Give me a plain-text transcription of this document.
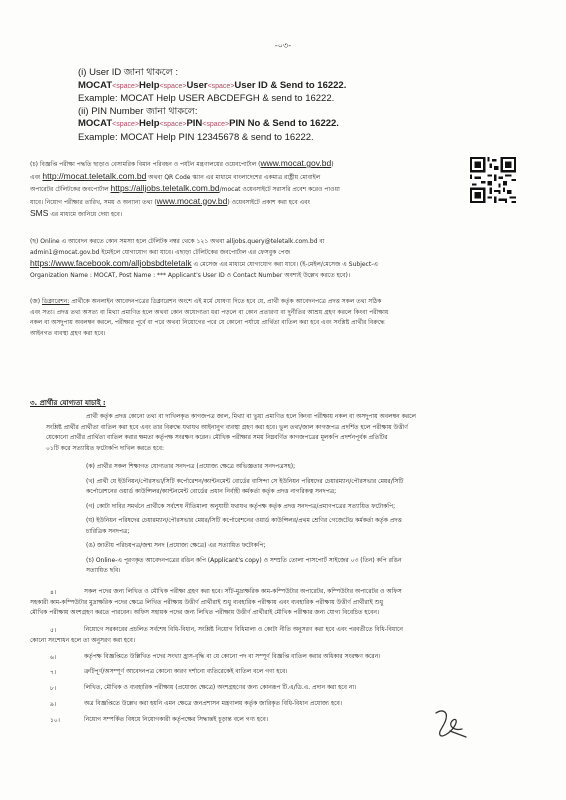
-০৩-
(i) User ID জানা থাকলে :
MOCAT<space>Help<space>User<space>User ID & Send to 16222.
Example: MOCAT Help USER ABCDEFGH & send to 16222.
(ii) PIN Number জানা থাকলে:
MOCAT<space>Help<space>PIN<space>PIN No & Send to 16222.
Example: MOCAT Help PIN 12345678 & send to 16222.
(চ) বিজ্ঞপ্তি পরীক্ষা পদ্ধতি ছাড়াও বেসামরিক বিমান পরিবহন ও পর্যটন মন্ত্রণালয়ের ওয়েবপোর্টাল (www.mocat.gov.bd)
এবং http://mocat.teletalk.com.bd অথবা QR Code স্ক্যান এর মাধ্যমে বাংলাদেশের একমাত্র রাষ্ট্রীয় মোবাইল
অপারেটর টেলিটকের জবপোর্টাল https://alljobs.teletalk.com.bd/mocat ওয়েবসাইটে সরাসরি প্রবেশ করেও পাওয়া
যাবে। নিয়োগ পরীক্ষার তারিখ, সময় ও অন্যান্য তথ্য (www.mocat.gov.bd) ওয়েবসাইটে প্রকাশ করা হবে এবং
SMS এর মাধ্যমে জানিয়ে দেয়া হবে।
(ছ) Online এ আবেদন করতে কোন সমস্যা হলে টেলিটক নম্বর থেকে ১২১ অথবা alljobs.query@teletalk.com.bd বা
admin1@mocat.gov.bd ইমেইলে যোগাযোগ করা যাবে। এছাড়া টেলিটকের জবপোর্টাল এর ফেসবুক পেজ
https://www.facebook.com/alljobsbdteletalk এ মেসেজ এর মাধ্যমে যোগাযোগ করা যাবে। (ই-মেইল/মেসেজ এ Subject-এ
Organization Name : MOCAT, Post Name : *** Applicant's User ID ও Contact Number অবশ্যই উল্লেখ করতে হবে)।
(জ) ডিক্লারেশন: প্রার্থীকে অনলাইন আবেদনপত্রের ডিক্লারেশন অংশে এই মর্মে ঘোষণা দিতে হবে যে, প্রার্থী কর্তৃক আবেদনপত্রে প্রদত্ত সকল তথ্য সঠিক
এবং সত্য। প্রদত্ত তথ্য অসত্য বা মিথ্যা প্রমাণিত হলে অথবা কোন অযোগ্যতা ধরা পড়লে বা কোন প্রতারণা বা দুর্নীতির আশ্রয় গ্রহণ করলে কিংবা পরীক্ষায়
নকল বা অসদুপায় অবলম্বন করলে, পরীক্ষার পূর্বে বা পরে অথবা নিয়োগের পরে যে কোনো পর্যায়ে প্রার্থিতা বাতিল করা হবে এবং সংশ্লিষ্ট প্রার্থীর বিরুদ্ধে
আইনগত ব্যবস্থা গ্রহণ করা হবে।
৩. প্রার্থীর যোগ্যতা যাচাই :
প্রার্থী কর্তৃক প্রদত্ত কোনো তথ্য বা দাখিলকৃত কাগজপত্র জাল, মিথ্যা বা ভুয়া প্রমাণিত হলে কিংবা পরীক্ষায় নকল বা অসদুপায় অবলম্বন করলে
সংশ্লিষ্ট প্রার্থীর প্রার্থীতা বাতিল করা হবে এবং তার বিরুদ্ধে যথাযথ আইনানুগ ব্যবস্থা গ্রহণ করা হবে। ভুল তথ্য/জাল কাগজপত্র প্রদর্শিত হলে পরীক্ষায় উত্তীর্ণ
যেকোনো প্রার্থীর প্রার্থিতা বাতিল করার ক্ষমতা কর্তৃপক্ষ সংরক্ষণ করেন। মৌখিক পরীক্ষার সময় নিম্নবর্ণিত কাগজপত্রের মূলকপি প্রদর্শনপূর্বক প্রতিটির
০১টি করে সত্যায়িত ফটোকপি দাখিল করতে হবে:
(ক) প্রার্থীর সকল শিক্ষাগত যোগ্যতার সনদপত্র (প্রযোজ্য ক্ষেত্রে অভিজ্ঞতার সনদপত্রসহ);
(খ) প্রার্থী যে ইউনিয়ন/পৌরসভা/সিটি কর্পোরেশন/ক্যান্টনমেন্ট বোর্ডের বাসিন্দা সে ইউনিয়ন পরিষদের চেয়ারম্যান/পৌরসভার মেয়র/সিটি
কর্পোরেশনের ওয়ার্ড কাউন্সিলর/ক্যান্টনমেন্ট বোর্ডের প্রধান নির্বাহী কর্মকর্তা কর্তৃক প্রদত্ত নাগরিকত্ব সনদপত্র;
(গ) কোটা দাবির সমর্থনে প্রার্থীকে সর্বশেষ নীতিমালা অনুযায়ী যথাযথ কর্তৃপক্ষ কর্তৃক প্রদত্ত সনদপত্র/প্রমাণপত্রের সত্যায়িত ফটোকপি;
(ঘ) ইউনিয়ন পরিষদের চেয়ারম্যান/পৌরসভার মেয়র/সিটি কর্পোরেশনের ওয়ার্ড কাউন্সিলর/প্রথম শ্রেণির গেজেটেড কর্মকর্তা কর্তৃক প্রদত্ত
চারিত্রিক সনদপত্র;
(ঙ) জাতীয় পরিচয়পত্র/জন্ম সনদ (প্রযোজ্য ক্ষেত্রে) এর সত্যায়িত ফটোকপি;
(চ) Online-এ পূরণকৃত আবেদনপত্রের রঙিন কপি (Applicant's copy) ও সম্প্রতি তোলা পাসপোর্ট সাইজের ০৩ (তিন) কপি রঙিন
সত্যায়িত ছবি।
৪।	সকল পদের জন্য লিখিত ও মৌখিক পরীক্ষা গ্রহণ করা হবে। সাঁট-মুদ্রাক্ষরিক কাম-কম্পিউটার অপারেটর, কম্পিউটার অপারেটর ও অফিস
সহকারী কাম-কম্পিউটার মুদ্রাক্ষরিক পদের ক্ষেত্রে লিখিত পরীক্ষায় উত্তীর্ণ প্রার্থীরাই শুধু ব্যবহারিক পরীক্ষায় এবং ব্যবহারিক পরীক্ষায় উত্তীর্ণ প্রার্থীরাই শুধু
মৌখিক পরীক্ষায় অংশগ্রহণ করতে পারবেন। অফিস সহায়ক পদের জন্য লিখিত পরীক্ষায় উত্তীর্ণ প্রার্থীরাই মৌখিক পরীক্ষার জন্য যোগ্য বিবেচিত হবেন।
৫।	নিয়োগে সরকারের প্রচলিত সর্বশেষ বিধি-বিধান, সংশ্লিষ্ট নিয়োগ বিধিমালা ও কোটা নীতি অনুসরণ করা হবে এবং পরবর্তীতে বিধি-বিধানে
কোনো সংশোধন হলে তা অনুসরণ করা হবে।
৬।	কর্তৃপক্ষ বিজ্ঞপ্তিতে উল্লিখিত পদের সংখ্যা হ্রাস-বৃদ্ধি বা যে কোনো পদ বা সম্পূর্ণ বিজ্ঞপ্তি বাতিল করার অধিকার সংরক্ষণ করেন।
৭।	ত্রুটিপূর্ণ/অসম্পূর্ণ আবেদনপত্র কোনো কারণ দর্শানো ব্যতিরেকেই বাতিল বলে গণ্য হবে।
৮।	লিখিত, মৌখিক ও ব্যবহারিক পরীক্ষায় (প্রযোজ্য ক্ষেত্রে) অংশগ্রহণের জন্য কোনরূপ টি.এ/ডি.এ. প্রদান করা হবে না।
৯।	অত্র বিজ্ঞপ্তিতে উল্লেখ করা হয়নি এমন ক্ষেত্রে জনপ্রশাসন মন্ত্রণালয় কর্তৃক জারিকৃত বিধি-বিধান প্রযোজ্য হবে।
১০।	নিয়োগ সম্পর্কিত বিষয়ে নিয়োগকারী কর্তৃপক্ষের সিদ্ধান্তই চূড়ান্ত বলে গণ্য হবে।
